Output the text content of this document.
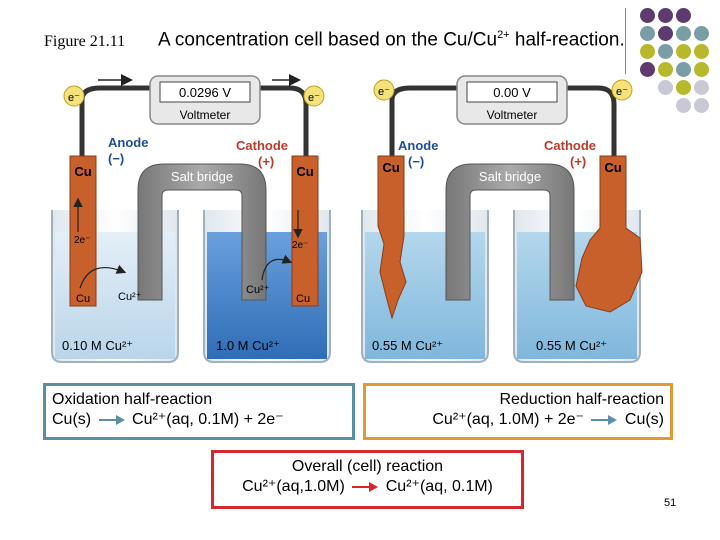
Figure 21.11 A concentration cell based on the $Cu/Cu^{2+}$ half-reaction.
0.0296 V
Voltmeter
e⁻	e⁻
Salt bridge
Cu	Cu
Anode
(−)
Cathode
(+)
2e⁻
Cu	Cu²⁺
2e⁻
Cu²⁺
Cu
0.10 M Cu²⁺	1.0 M Cu²⁺
0.00 V
Voltmeter
e⁻	e⁻
Salt bridge
Cu	Cu
Anode
(−)
Cathode
(+)
0.55 M Cu²⁺	0.55 M Cu²⁺
Oxidation half-reaction
Cu(s) → Cu²⁺(aq, 0.1M) + 2e⁻
Reduction half-reaction
Cu²⁺(aq, 1.0M) + 2e⁻ → Cu(s)
Overall (cell) reaction
Cu²⁺(aq,1.0M) → Cu²⁺(aq, 0.1M)
51
